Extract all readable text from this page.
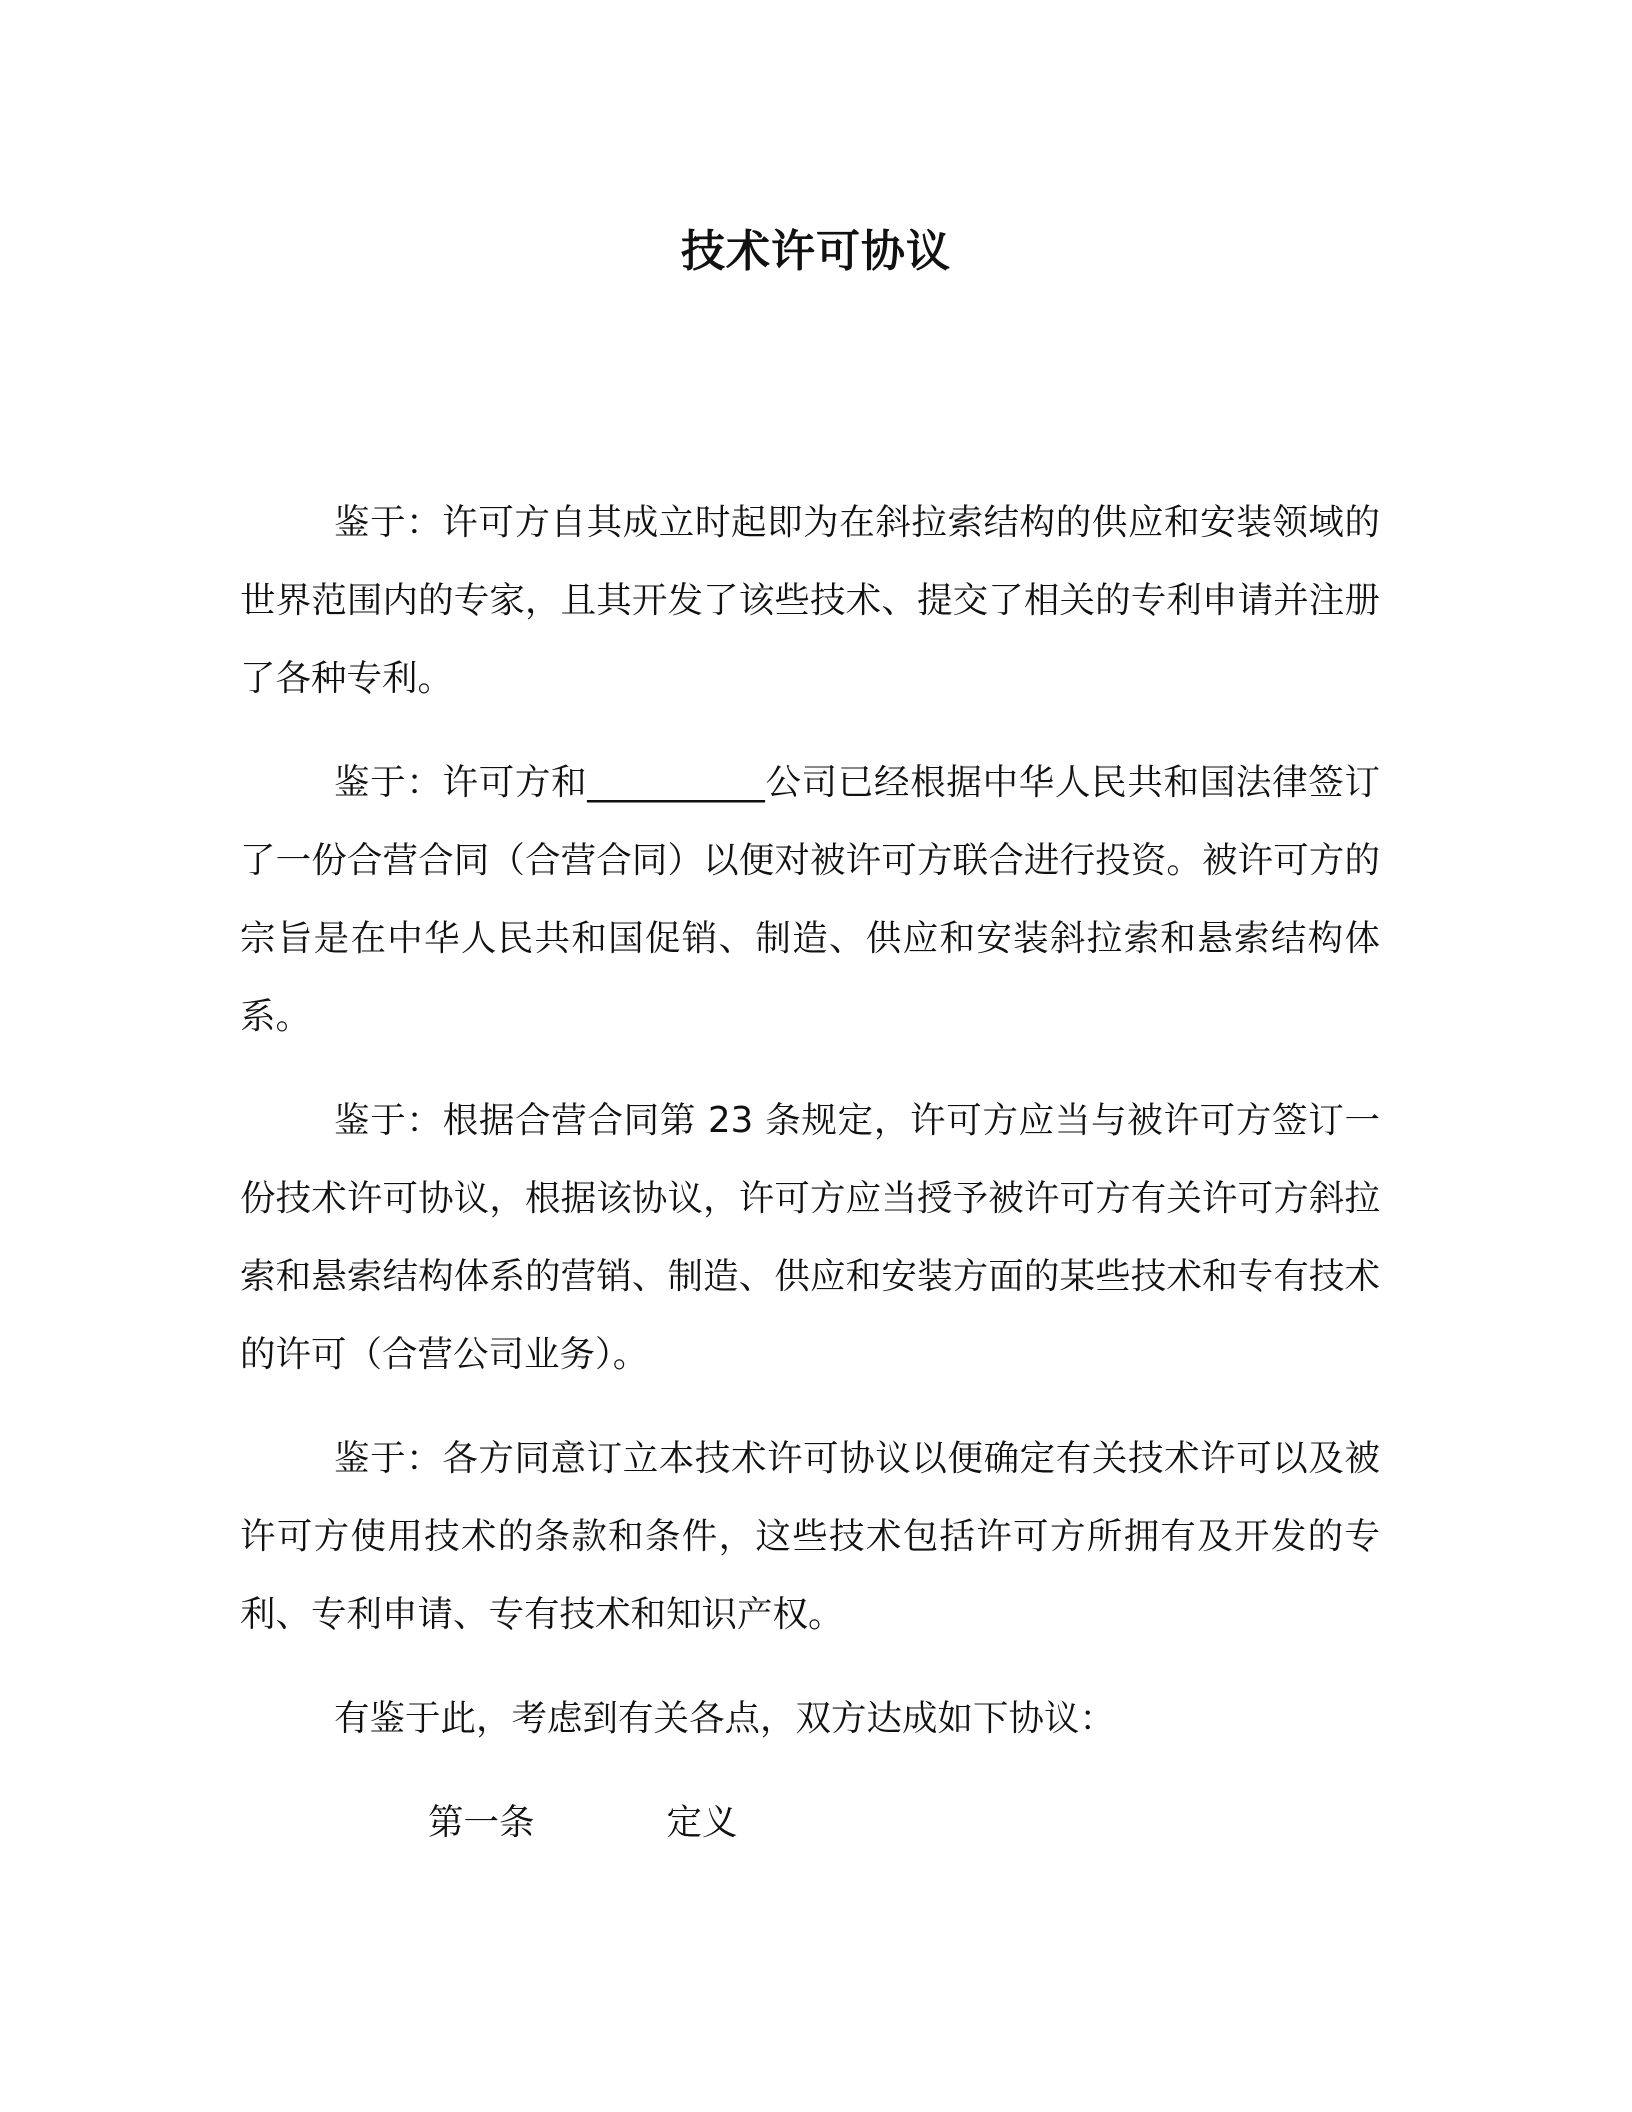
技术许可协议

鉴于：许可方自其成立时起即为在斜拉索结构的供应和安装领域的世界范围内的专家，且其开发了该些技术、提交了相关的专利申请并注册了各种专利。

鉴于：许可方和__________公司已经根据中华人民共和国法律签订了一份合营合同（合营合同）以便对被许可方联合进行投资。被许可方的宗旨是在中华人民共和国促销、制造、供应和安装斜拉索和悬索结构体系。

鉴于：根据合营合同第 23 条规定，许可方应当与被许可方签订一份技术许可协议，根据该协议，许可方应当授予被许可方有关许可方斜拉索和悬索结构体系的营销、制造、供应和安装方面的某些技术和专有技术的许可（合营公司业务）。

鉴于：各方同意订立本技术许可协议以便确定有关技术许可以及被许可方使用技术的条款和条件，这些技术包括许可方所拥有及开发的专利、专利申请、专有技术和知识产权。

有鉴于此，考虑到有关各点，双方达成如下协议：

第一条	定义
